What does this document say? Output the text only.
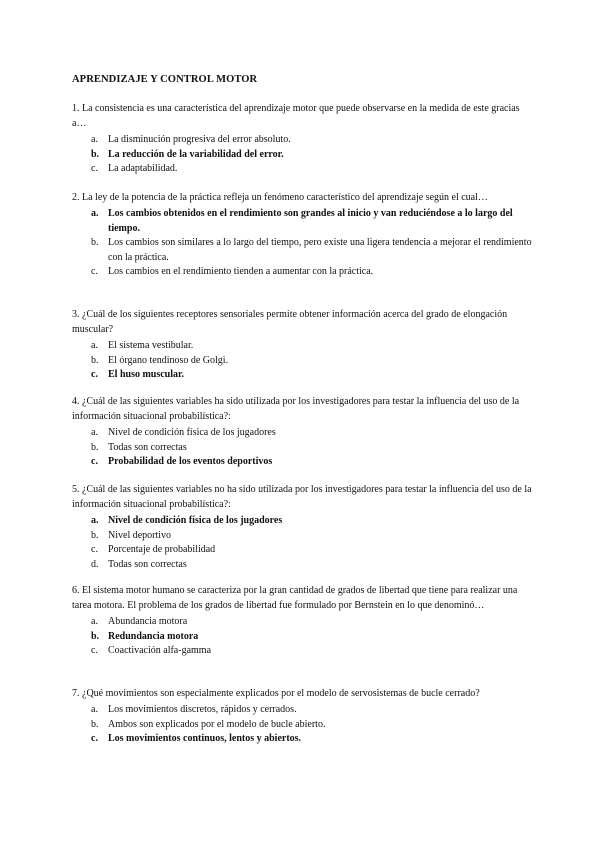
APRENDIZAJE Y CONTROL MOTOR

1. La consistencia es una característica del aprendizaje motor que puede observarse en la medida de este gracias a…

a. La disminución progresiva del error absoluto.
b. La reducción de la variabilidad del error.
c. La adaptabilidad.

2. La ley de la potencia de la práctica refleja un fenómeno característico del aprendizaje según el cual…

a. Los cambios obtenidos en el rendimiento son grandes al inicio y van reduciéndose a lo largo del tiempo.
b. Los cambios son similares a lo largo del tiempo, pero existe una ligera tendencia a mejorar el rendimiento con la práctica.
c. Los cambios en el rendimiento tienden a aumentar con la práctica.

3. ¿Cuál de los siguientes receptores sensoriales permite obtener información acerca del grado de elongación muscular?

a. El sistema vestibular.
b. El órgano tendinoso de Golgi.
c. El huso muscular.

4. ¿Cuál de las siguientes variables ha sido utilizada por los investigadores para testar la influencia del uso de la información situacional probabilística?:

a. Nivel de condición física de los jugadores
b. Todas son correctas
c. Probabilidad de los eventos deportivos

5. ¿Cuál de las siguientes variables no ha sido utilizada por los investigadores para testar la influencia del uso de la información situacional probabilística?:

a. Nivel de condición física de los jugadores
b. Nivel deportivo
c. Porcentaje de probabilidad
d. Todas son correctas

6. El sistema motor humano se caracteriza por la gran cantidad de grados de libertad que tiene para realizar una tarea motora. El problema de los grados de libertad fue formulado por Bernstein en lo que denominó…

a. Abundancia motora
b. Redundancia motora
c. Coactivación alfa-gamma

7. ¿Qué movimientos son especialmente explicados por el modelo de servosistemas de bucle cerrado?

a. Los movimientos discretos, rápidos y cerrados.
b. Ambos son explicados por el modelo de bucle abierto.
c. Los movimientos continuos, lentos y abiertos.
